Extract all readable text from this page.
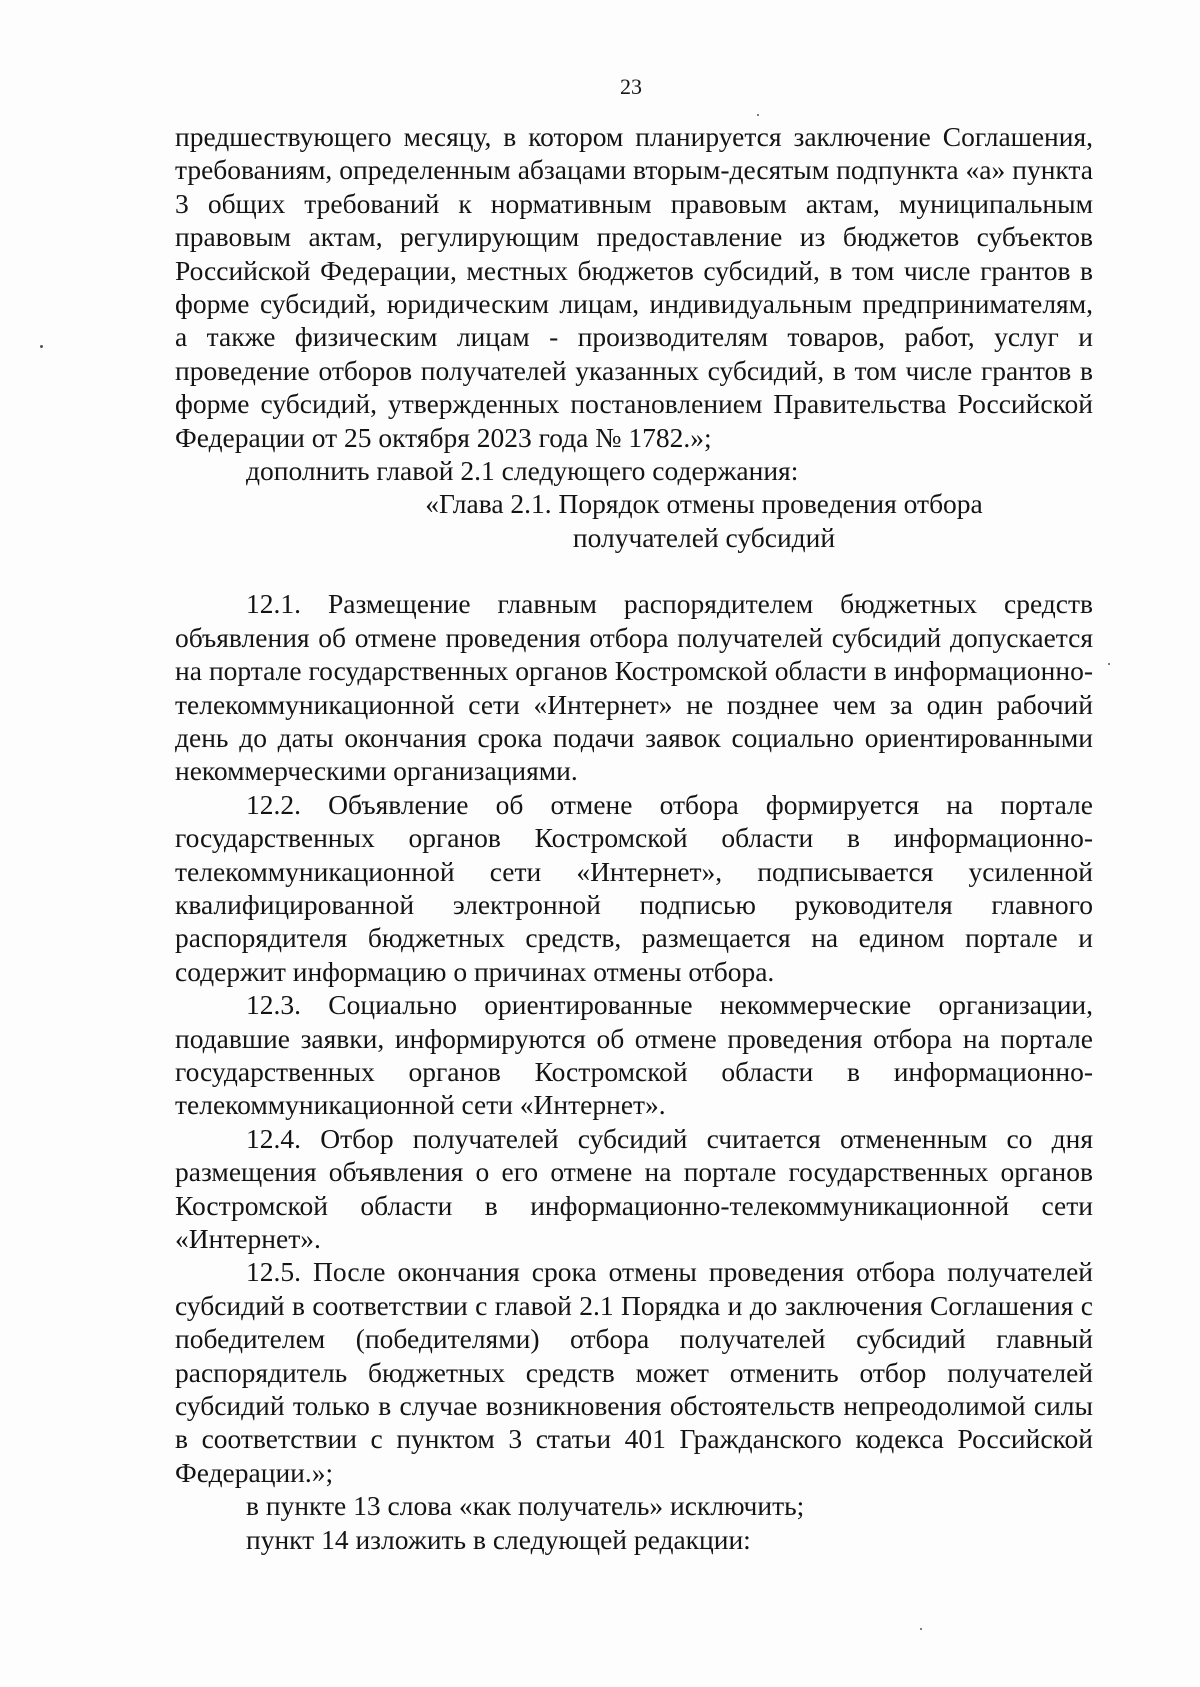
23

предшествующего месяцу, в котором планируется заключение Соглашения, требованиям, определенным абзацами вторым-десятым подпункта «а» пункта 3 общих требований к нормативным правовым актам, муниципальным правовым актам, регулирующим предоставление из бюджетов субъектов Российской Федерации, местных бюджетов субсидий, в том числе грантов в форме субсидий, юридическим лицам, индивидуальным предпринимателям, а также физическим лицам - производителям товаров, работ, услуг и проведение отборов получателей указанных субсидий, в том числе грантов в форме субсидий, утвержденных постановлением Правительства Российской Федерации от 25 октября 2023 года № 1782.»;

дополнить главой 2.1 следующего содержания:

«Глава 2.1. Порядок отмены проведения отбора
получателей субсидий

12.1. Размещение главным распорядителем бюджетных средств объявления об отмене проведения отбора получателей субсидий допускается на портале государственных органов Костромской области в информационно-телекоммуникационной сети «Интернет» не позднее чем за один рабочий день до даты окончания срока подачи заявок социально ориентированными некоммерческими организациями.

12.2. Объявление об отмене отбора формируется на портале государственных органов Костромской области в информационно-телекоммуникационной сети «Интернет», подписывается усиленной квалифицированной электронной подписью руководителя главного распорядителя бюджетных средств, размещается на едином портале и содержит информацию о причинах отмены отбора.

12.3. Социально ориентированные некоммерческие организации, подавшие заявки, информируются об отмене проведения отбора на портале государственных органов Костромской области в информационно-телекоммуникационной сети «Интернет».

12.4. Отбор получателей субсидий считается отмененным со дня размещения объявления о его отмене на портале государственных органов Костромской области в информационно-телекоммуникационной сети «Интернет».

12.5. После окончания срока отмены проведения отбора получателей субсидий в соответствии с главой 2.1 Порядка и до заключения Соглашения с победителем (победителями) отбора получателей субсидий главный распорядитель бюджетных средств может отменить отбор получателей субсидий только в случае возникновения обстоятельств непреодолимой силы в соответствии с пунктом 3 статьи 401 Гражданского кодекса Российской Федерации.»;

в пункте 13 слова «как получатель» исключить;

пункт 14 изложить в следующей редакции:
